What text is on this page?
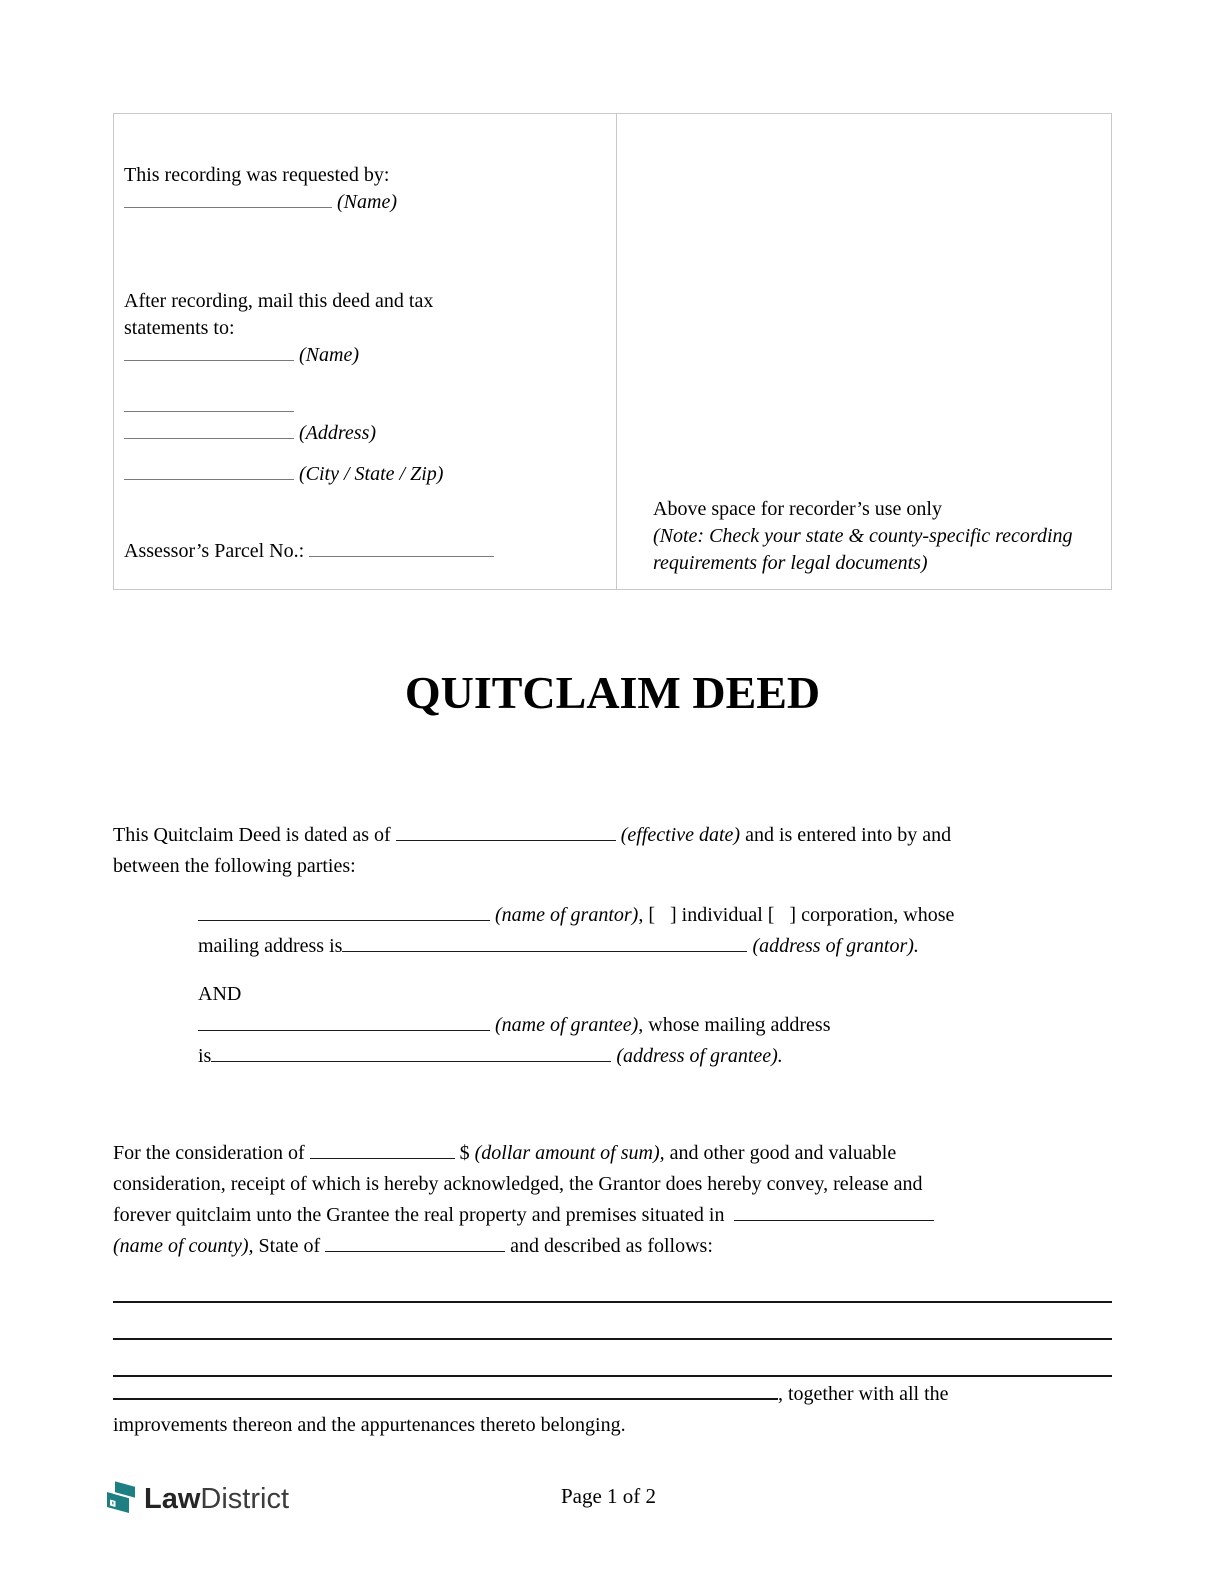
This recording was requested by:
(Name)
After recording, mail this deed and tax
statements to:
(Name)
(Address)
(City / State / Zip)
Assessor’s Parcel No.:
Above space for recorder’s use only
(Note: Check your state & county-specific recording
requirements for legal documents)
QUITCLAIM DEED
This Quitclaim Deed is dated as of	(effective date) and is entered into by and
between the following parties:
(name of grantor), [   ] individual [   ] corporation, whose
mailing address is	(address of grantor).
AND
(name of grantee), whose mailing address
is	(address of grantee).
For the consideration of	$ (dollar amount of sum), and other good and valuable
consideration, receipt of which is hereby acknowledged, the Grantor does hereby convey, release and
forever quitclaim unto the Grantee the real property and premises situated in
(name of county), State of	and described as follows:
, together with all the
improvements thereon and the appurtenances thereto belonging.
LawDistrict	Page 1 of 2
